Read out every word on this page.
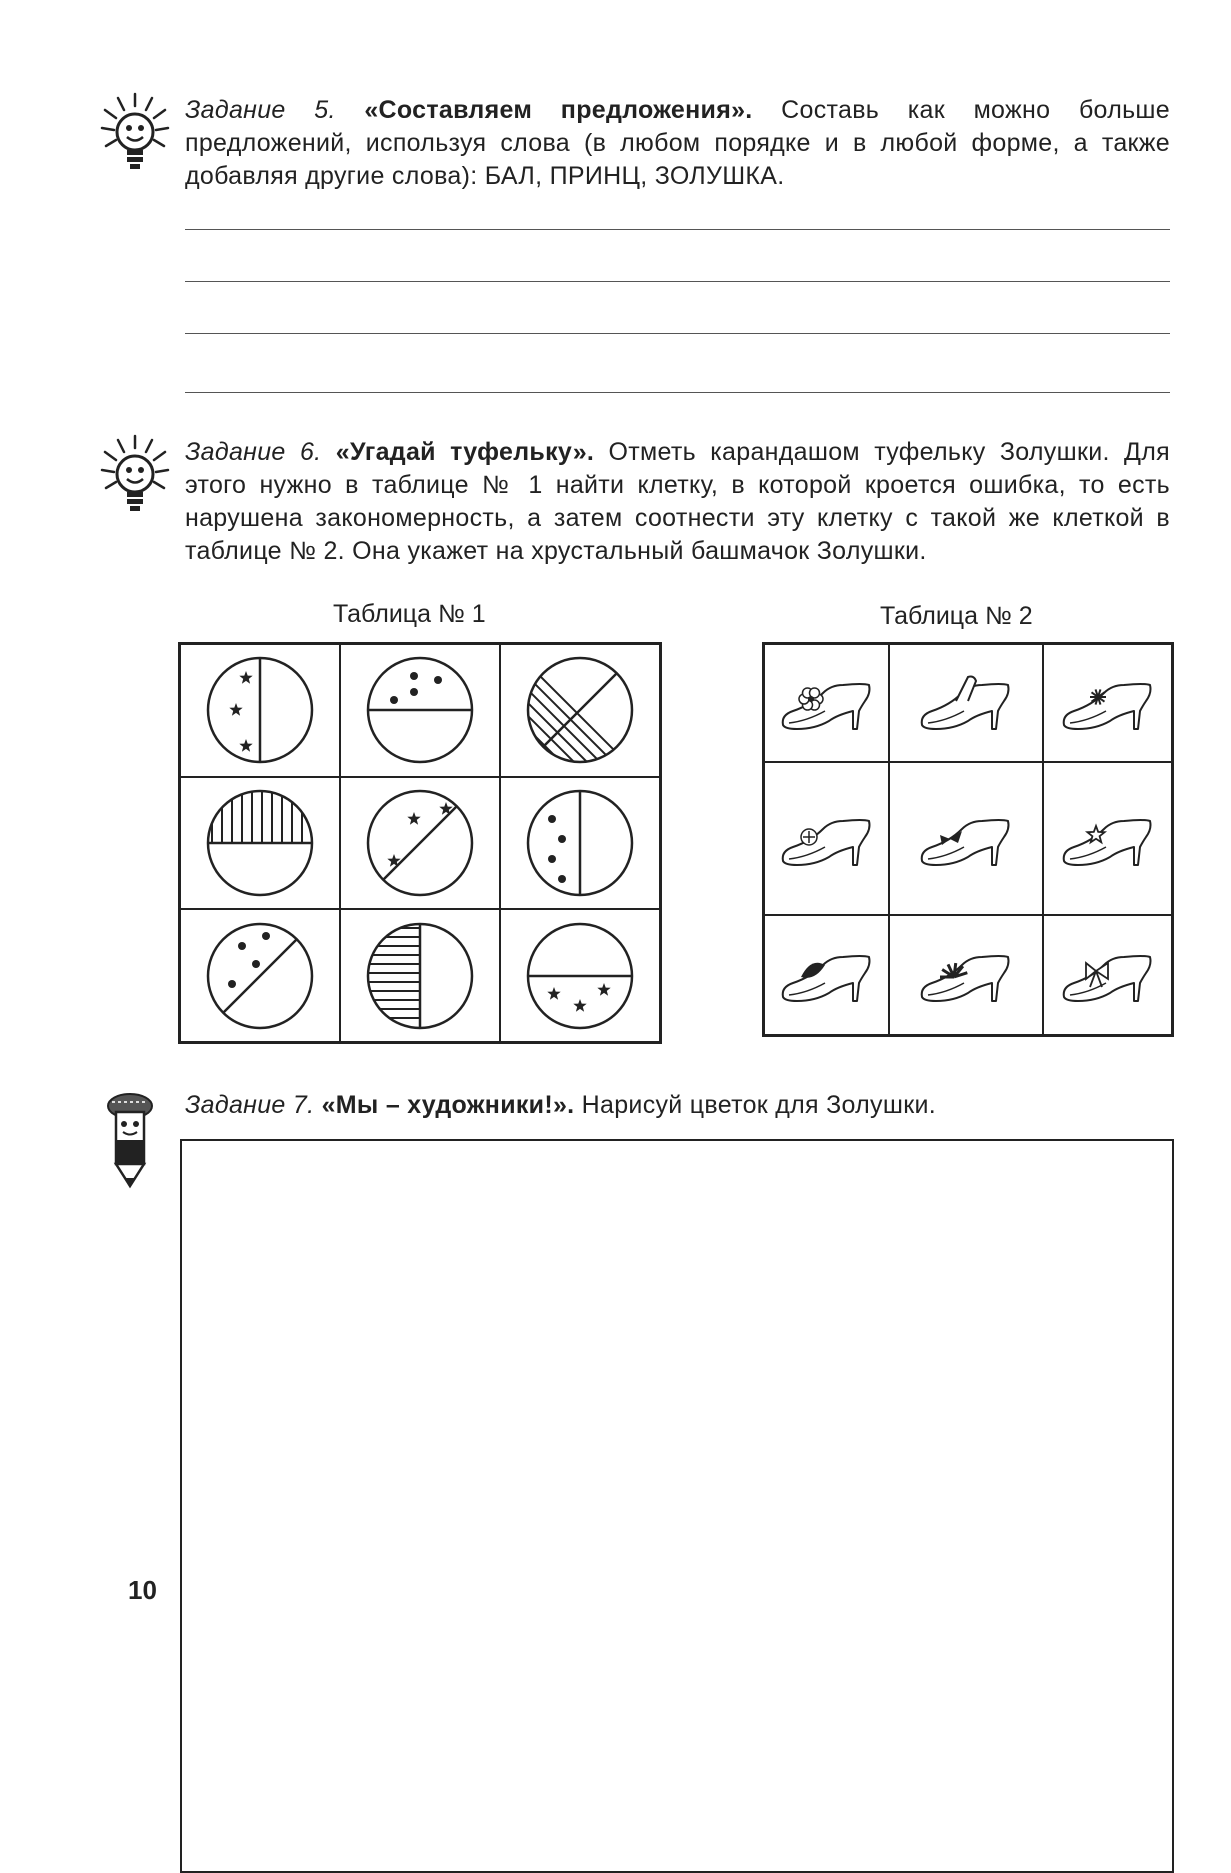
Задание 5. «Составляем предложения». Составь как можно больше предложений, используя слова (в любом порядке и в любой форме, а также добавляя другие слова): БАЛ, ПРИНЦ, ЗОЛУШКА.
Задание 6. «Угадай туфельку». Отметь карандашом туфельку Золушки. Для этого нужно в таблице № 1 найти клетку, в которой кроется ошибка, то есть нарушена закономерность, а затем соотнести эту клетку с такой же клеткой в таблице № 2. Она укажет на хрустальный башмачок Золушки.
Таблица № 1	Таблица № 2
Задание 7. «Мы – художники!». Нарисуй цветок для Золушки.
10
